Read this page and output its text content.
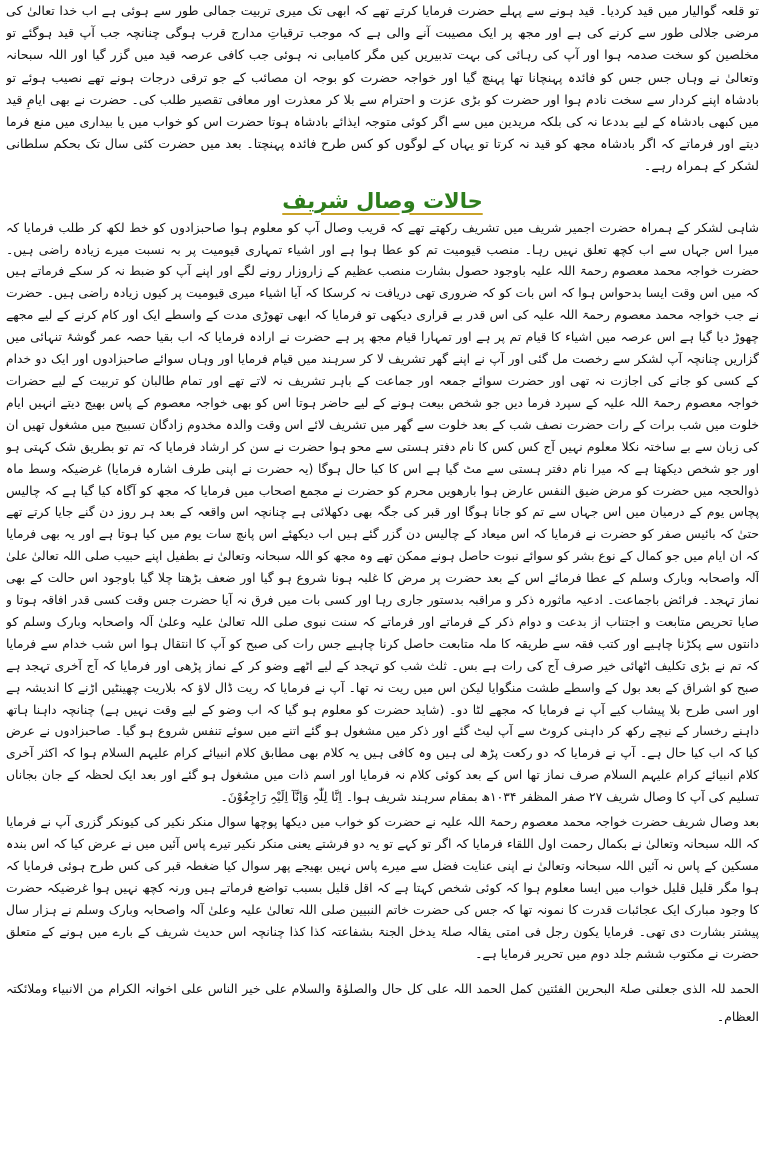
تو قلعہ گوالیار میں قید کردیا۔ قید ہونے سے پہلے حضرت فرمایا کرتے تھے کہ ابھی تک میری تربیت جمالی طور سے ہوئی ہے اب خدا تعالیٰ کی مرضی جلالی طور سے کرنے کی ہے اور مجھ پر ایک مصیبت آنے والی ہے کہ موجب ترقیاتِ مدارج قرب ہوگی چنانچہ جب آپ قید ہوگئے تو مخلصین کو سخت صدمہ ہوا اور آپ کی رہائی کی بہت تدبیریں کیں مگر کامیابی نہ ہوئی جب کافی عرصہ قید میں گزر گیا اور اللہ سبحانہ وتعالیٰ نے وہاں جس جس کو فائدہ پہنچانا تھا پہنچ گیا اور خواجہ حضرت کو بوجہ ان مصائب کے جو ترقی درجات ہونے تھے نصیب ہوئے تو بادشاہ اپنے کردار سے سخت نادم ہوا اور حضرت کو بڑی عزت و احترام سے بلا کر معذرت اور معافی تقصیر طلب کی۔ حضرت نے بھی ایامِ قید میں کبھی بادشاہ کے لیے بددعا نہ کی بلکہ مریدین میں سے اگر کوئی متوجہ ایذائے بادشاہ ہوتا حضرت اس کو خواب میں یا بیداری میں منع فرما دیتے اور فرماتے کہ اگر بادشاہ مجھ کو قید نہ کرتا تو یہاں کے لوگوں کو کس طرح فائدہ پہنچتا۔ بعد میں حضرت کئی سال تک بحکم سلطانی لشکر کے ہمراہ رہے۔

حالات وصال شریف

شاہی لشکر کے ہمراہ حضرت اجمیر شریف میں تشریف رکھتے تھے کہ قریب وصال آپ کو معلوم ہوا صاحبزادوں کو خط لکھ کر طلب فرمایا کہ میرا اس جہاں سے اب کچھ تعلق نہیں رہا۔ منصب قیومیت تم کو عطا ہوا ہے اور اشیاء تمہاری قیومیت پر بہ نسبت میرے زیادہ راضی ہیں۔ حضرت خواجہ محمد معصوم رحمۃ اللہ علیہ باوجود حصول بشارت منصب عظیم کے زاروزار رونے لگے اور اپنے آپ کو ضبط نہ کر سکے فرماتے ہیں کہ میں اس وقت ایسا بدحواس ہوا کہ اس بات کو کہ ضروری تھی دریافت نہ کرسکا کہ آیا اشیاء میری قیومیت پر کیوں زیادہ راضی ہیں۔ حضرت نے جب خواجہ محمد معصوم رحمۃ اللہ علیہ کی اس قدر بے قراری دیکھی تو فرمایا کہ ابھی تھوڑی مدت کے واسطے ایک اور کام کرنے کے لیے مجھے چھوڑ دیا گیا ہے اس عرصہ میں اشیاء کا قیام تم پر ہے اور تمہارا قیام مجھ پر ہے حضرت نے ارادہ فرمایا کہ اب بقیا حصہ عمر گوشۂ تنہائی میں گزاریں چنانچہ آپ لشکر سے رخصت مل گئی اور آپ نے اپنے گھر تشریف لا کر سرہند میں قیام فرمایا اور وہاں سوائے صاحبزادوں اور ایک دو خدام کے کسی کو جانے کی اجازت نہ تھی اور حضرت سوائے جمعہ اور جماعت کے باہر تشریف نہ لاتے تھے اور تمام طالبان کو تربیت کے لیے حضرات خواجہ معصوم رحمۃ اللہ علیہ کے سپرد فرما دیں جو شخص بیعت ہونے کے لیے حاضر ہوتا اس کو بھی خواجہ معصوم کے پاس بھیج دیتے انہیں ایام خلوت میں شب برات کے رات حضرت نصف شب کے بعد خلوت سے گھر میں تشریف لائے اس وقت والدہ مخدوم زادگان تسبیح میں مشغول تھیں ان کی زبان سے بے ساختہ نکلا معلوم نہیں آج کس کس کا نام دفتر ہستی سے محو ہوا حضرت نے سن کر ارشاد فرمایا کہ تم تو بطریق شک کہتی ہو اور جو شخص دیکھتا ہے کہ میرا نام دفتر ہستی سے مٹ گیا ہے اس کا کیا حال ہوگا (یہ حضرت نے اپنی طرف اشارہ فرمایا) غرضیکہ وسط ماہ ذوالحجہ میں حضرت کو مرض ضیق النفس عارض ہوا بارھویں محرم کو حضرت نے مجمع اصحاب میں فرمایا کہ مجھ کو آگاہ کیا گیا ہے کہ چالیس پچاس یوم کے درمیان میں اس جہاں سے تم کو جانا ہوگا اور قبر کی جگہ بھی دکھلائی ہے چنانچہ اس واقعہ کے بعد ہر روز دن گنے جایا کرتے تھے حتیٰ کہ بائیس صفر کو حضرت نے فرمایا کہ اس میعاد کے چالیس دن گزر گئے ہیں اب دیکھئے اس پانچ سات یوم میں کیا ہوتا ہے اور یہ بھی فرمایا کہ ان ایام میں جو کمال کے نوع بشر کو سوائے نبوت حاصل ہونے ممکن تھے وہ مجھ کو اللہ سبحانہ وتعالیٰ نے بطفیل اپنے حبیب صلی اللہ تعالیٰ علیٰ آلہ واصحابہ وبارک وسلم کے عطا فرمائے اس کے بعد حضرت پر مرض کا غلبہ ہونا شروع ہو گیا اور ضعف بڑھتا چلا گیا باوجود اس حالت کے بھی نماز تہجد۔ فرائض باجماعت۔ ادعیہ ماثورہ ذکر و مراقبہ بدستور جاری رہا اور کسی بات میں فرق نہ آیا حضرت جس وقت کسی قدر افاقہ ہوتا و صایا تحریص متابعت و اجتناب از بدعت و دوام ذکر کے فرماتے اور فرماتے کہ سنت نبوی صلی اللہ تعالیٰ علیہ وعلیٰ آلہ واصحابہ وبارک وسلم کو دانتوں سے پکڑنا چاہیے اور کتب فقہ سے طریقہ کا ملہ متابعت حاصل کرنا چاہیے جس رات کی صبح کو آپ کا انتقال ہوا اس شب خدام سے فرمایا کہ تم نے بڑی تکلیف اٹھائی خیر صرف آج کی رات ہے بس۔ ثلث شب کو تہجد کے لیے اٹھے وضو کر کے نماز پڑھی اور فرمایا کہ آج آخری تہجد ہے صبح کو اشراق کے بعد بول کے واسطے طشت منگوایا لیکن اس میں ریت نہ تھا۔ آپ نے فرمایا کہ ریت ڈال لاؤ کہ بلاریت چھینٹیں اڑنے کا اندیشہ ہے اور اسی طرح بلا پیشاب کیے آپ نے فرمایا کہ مجھے لٹا دو۔ (شاید حضرت کو معلوم ہو گیا کہ اب وضو کے لیے وقت نہیں ہے) چنانچہ داہنا ہاتھ داہنے رخسار کے نیچے رکھ کر داہنی کروٹ سے آپ لیٹ گئے اور ذکر میں مشغول ہو گئے اتنے میں سوئے تنفس شروع ہو گیا۔ صاحبزادوں نے عرض کیا کہ اب کیا حال ہے۔ آپ نے فرمایا کہ دو رکعت پڑھ لی ہیں وہ کافی ہیں یہ کلام بھی مطابق کلام انبیائے کرام علیہم السلام ہوا کہ اکثر آخری کلام انبیائے کرام علیہم السلام صرف نماز تھا اس کے بعد کوئی کلام نہ فرمایا اور اسم ذات میں مشغول ہو گئے اور بعد ایک لحظہ کے جان بجاناں تسلیم کی آپ کا وصال شریف ۲۷ صفر المظفر ۱۰۳۴ھ بمقام سرہند شریف ہوا۔ اِنَّا لِلّٰہِ وَاِنَّآ اِلَیْہِ رَاجِعُوْنَ۔

بعد وصال شریف حضرت خواجہ محمد معصوم رحمۃ اللہ علیہ نے حضرت کو خواب میں دیکھا پوچھا سوال منکر نکیر کی کیونکر گزری آپ نے فرمایا کہ اللہ سبحانہ وتعالیٰ نے بکمال رحمت اول اللقاء فرمایا کہ اگر تو کہے تو یہ دو فرشتے یعنی منکر نکیر تیرے پاس آئیں میں نے عرض کیا کہ اس بندہ مسکین کے پاس نہ آئیں اللہ سبحانہ وتعالیٰ نے اپنی عنایت فضل سے میرے پاس نہیں بھیجے پھر سوال کیا ضغطہ قبر کی کس طرح ہوئی فرمایا کہ ہوا مگر قلیل قلیل خواب میں ایسا معلوم ہوا کہ کوئی شخص کہتا ہے کہ اقل قلیل بسبب تواضع فرماتے ہیں ورنہ کچھ نہیں ہوا غرضیکہ حضرت کا وجود مبارک ایک عجائبات قدرت کا نمونہ تھا کہ جس کی حضرت خاتم النبیین صلی اللہ تعالیٰ علیہ وعلیٰ آلہ واصحابہ وبارک وسلم نے ہزار سال پیشتر بشارت دی تھی۔ فرمایا یکون رجل فی امتی یقالہ صلۃ یدخل الجنۃ بشفاعتہ کذا کذا چنانچہ اس حدیث شریف کے بارے میں ہونے کے متعلق حضرت نے مکتوب ششم جلد دوم میں تحریر فرمایا ہے۔

الحمد للہ الذی جعلنی صلۃ البحرین الفئتین کمل الحمد اللہ علی کل حال والصلوٰۃ والسلام علی خیر الناس علی اخوانہ الکرام من الانبیاء وملائکتہ العظام۔
